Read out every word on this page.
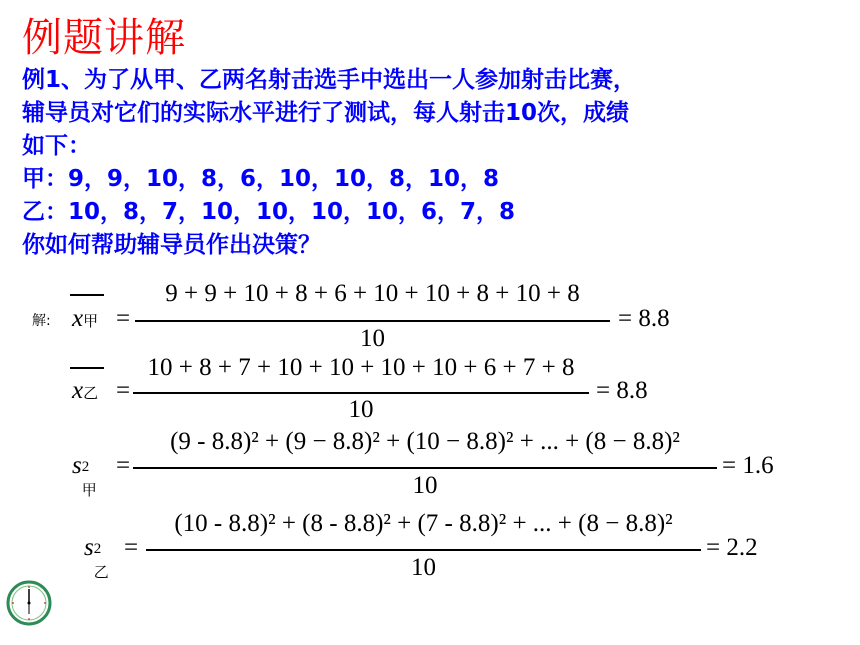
例题讲解
例1、为了从甲、乙两名射击选手中选出一人参加射击比赛，
辅导员对它们的实际水平进行了测试，每人射击10次，成绩
如下：
甲：9，9，10，8，6，10，10，8，10，8
乙：10，8，7，10，10，10，10，6，7，8
你如何帮助辅导员作出决策？
解: x甲 =
9 + 9 + 10 + 8 + 6 + 10 + 10 + 8 + 10 + 8
10
= 8.8
x乙 =
10 + 8 + 7 + 10 + 10 + 10 + 10 + 6 + 7 + 8
10
= 8.8
s 2
甲
=
(9 - 8.8)² + (9 − 8.8)² + (10 − 8.8)² + ... + (8 − 8.8)²
10
= 1.6
s 2
乙
=
(10 - 8.8)² + (8 - 8.8)² + (7 - 8.8)² + ... + (8 − 8.8)²
10
= 2.2
